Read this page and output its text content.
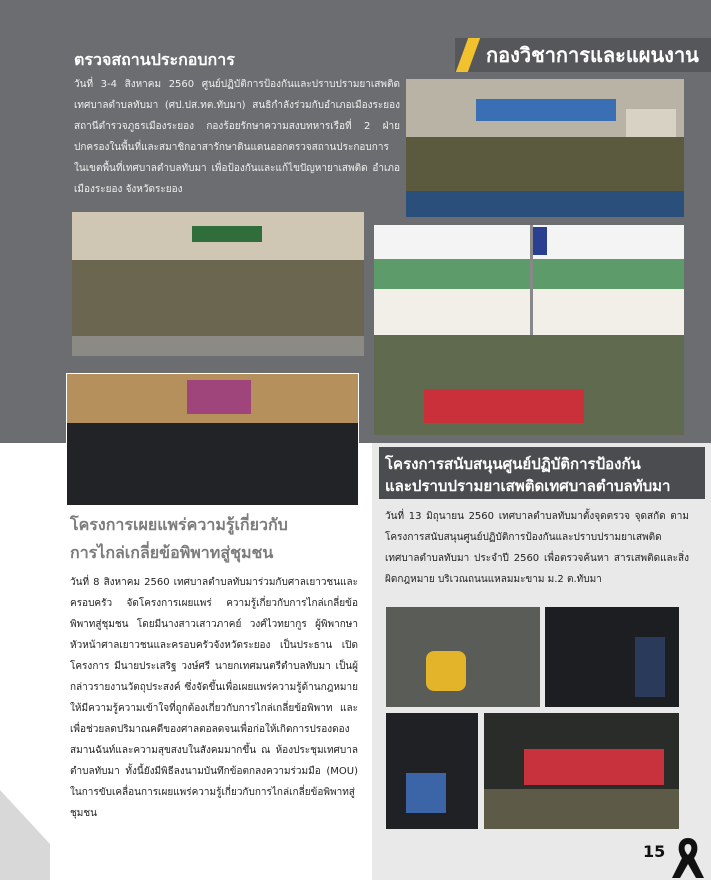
กองวิชาการและแผนงาน
ตรวจสถานประกอบการ

วันที่ 3-4 สิงหาคม 2560 ศูนย์ปฏิบัติการป้องกันและปราบปรามยาเสพติดเทศบาลตำบลทับมา (ศป.ปส.ทต.ทับมา) สนธิกำลังร่วมกับอำเภอเมืองระยอง สถานีตำรวจภูธรเมืองระยอง กองร้อยรักษาความสงบทหารเรือที่ 2 ฝ่ายปกครองในพื้นที่และสมาชิกอาสารักษาดินแดนออกตรวจสถานประกอบการ ในเขตพื้นที่เทศบาลตำบลทับมา เพื่อป้องกันและแก้ไขปัญหายาเสพติด อำเภอเมืองระยอง จังหวัดระยอง

โครงการสนับสนุนศูนย์ปฏิบัติการป้องกัน
และปราบปรามยาเสพติดเทศบาลตำบลทับมา

วันที่ 13 มิถุนายน 2560 เทศบาลตำบลทับมาตั้งจุดตรวจ จุดสกัด ตามโครงการสนับสนุนศูนย์ปฏิบัติการป้องกันและปราบปรามยาเสพติดเทศบาลตำบลทับมา ประจำปี 2560 เพื่อตรวจค้นหา สารเสพติดและสิ่งผิดกฎหมาย บริเวณถนนแหลมมะขาม ม.2 ต.ทับมา

โครงการเผยแพร่ความรู้เกี่ยวกับ
การไกล่เกลี่ยข้อพิพาทสู่ชุมชน

วันที่ 8 สิงหาคม 2560 เทศบาลตำบลทับมาร่วมกับศาลเยาวชนและครอบครัว จัดโครงการเผยแพร่ ความรู้เกี่ยวกับการไกล่เกลี่ยข้อพิพาทสู่ชุมชน โดยมีนางสาวเสาวภาคย์ วงศ์ไวทยากูร ผู้พิพากษาหัวหน้าศาลเยาวชนและครอบครัวจังหวัดระยอง เป็นประธาน เปิดโครงการ มีนายประเสริฐ วงษ์ศรี นายกเทศมนตรีตำบลทับมา เป็นผู้กล่าวรายงานวัตถุประสงค์ ซึ่งจัดขึ้นเพื่อเผยแพร่ความรู้ด้านกฎหมาย ให้มีความรู้ความเข้าใจที่ถูกต้องเกี่ยวกับการไกล่เกลี่ยข้อพิพาท และเพื่อช่วยลดปริมาณคดีของศาลตอลดจนเพื่อก่อให้เกิดการปรองดองสมานฉันท์และความสุขสงบในสังคมมากขึ้น ณ ห้องประชุมเทศบาลตำบลทับมา ทั้งนี้ยังมีพิธีลงนามบันทึกข้อตกลงความร่วมมือ (MOU) ในการขับเคลื่อนการเผยแพร่ความรู้เกี่ยวกับการไกล่เกลี่ยข้อพิพาทสู่ชุมชน

15
